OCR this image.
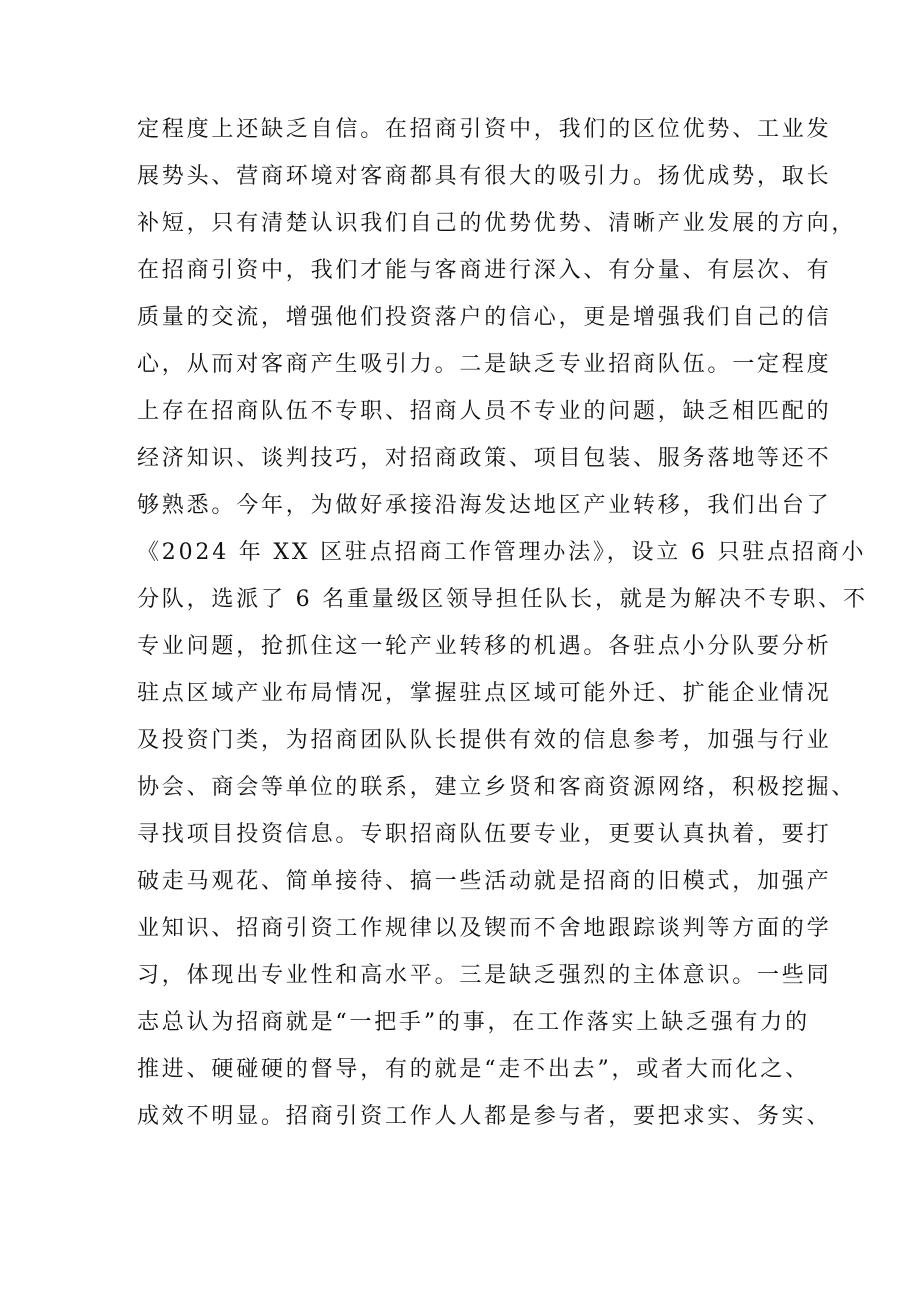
定程度上还缺乏自信。在招商引资中，我们的区位优势、工业发
展势头、营商环境对客商都具有很大的吸引力。扬优成势，取长
补短，只有清楚认识我们自己的优势优势、清晰产业发展的方向，
在招商引资中，我们才能与客商进行深入、有分量、有层次、有
质量的交流，增强他们投资落户的信心，更是增强我们自己的信
心，从而对客商产生吸引力。二是缺乏专业招商队伍。一定程度
上存在招商队伍不专职、招商人员不专业的问题，缺乏相匹配的
经济知识、谈判技巧，对招商政策、项目包装、服务落地等还不
够熟悉。今年，为做好承接沿海发达地区产业转移，我们出台了
《2024 年 XX 区驻点招商工作管理办法》，设立 6 只驻点招商小
分队，选派了 6 名重量级区领导担任队长，就是为解决不专职、不
专业问题，抢抓住这一轮产业转移的机遇。各驻点小分队要分析
驻点区域产业布局情况，掌握驻点区域可能外迁、扩能企业情况
及投资门类，为招商团队队长提供有效的信息参考，加强与行业
协会、商会等单位的联系，建立乡贤和客商资源网络，积极挖掘、
寻找项目投资信息。专职招商队伍要专业，更要认真执着，要打
破走马观花、简单接待、搞一些活动就是招商的旧模式，加强产
业知识、招商引资工作规律以及锲而不舍地跟踪谈判等方面的学
习，体现出专业性和高水平。三是缺乏强烈的主体意识。一些同
志总认为招商就是“一把手”的事，在工作落实上缺乏强有力的
推进、硬碰硬的督导，有的就是“走不出去”，或者大而化之、
成效不明显。招商引资工作人人都是参与者，要把求实、务实、
